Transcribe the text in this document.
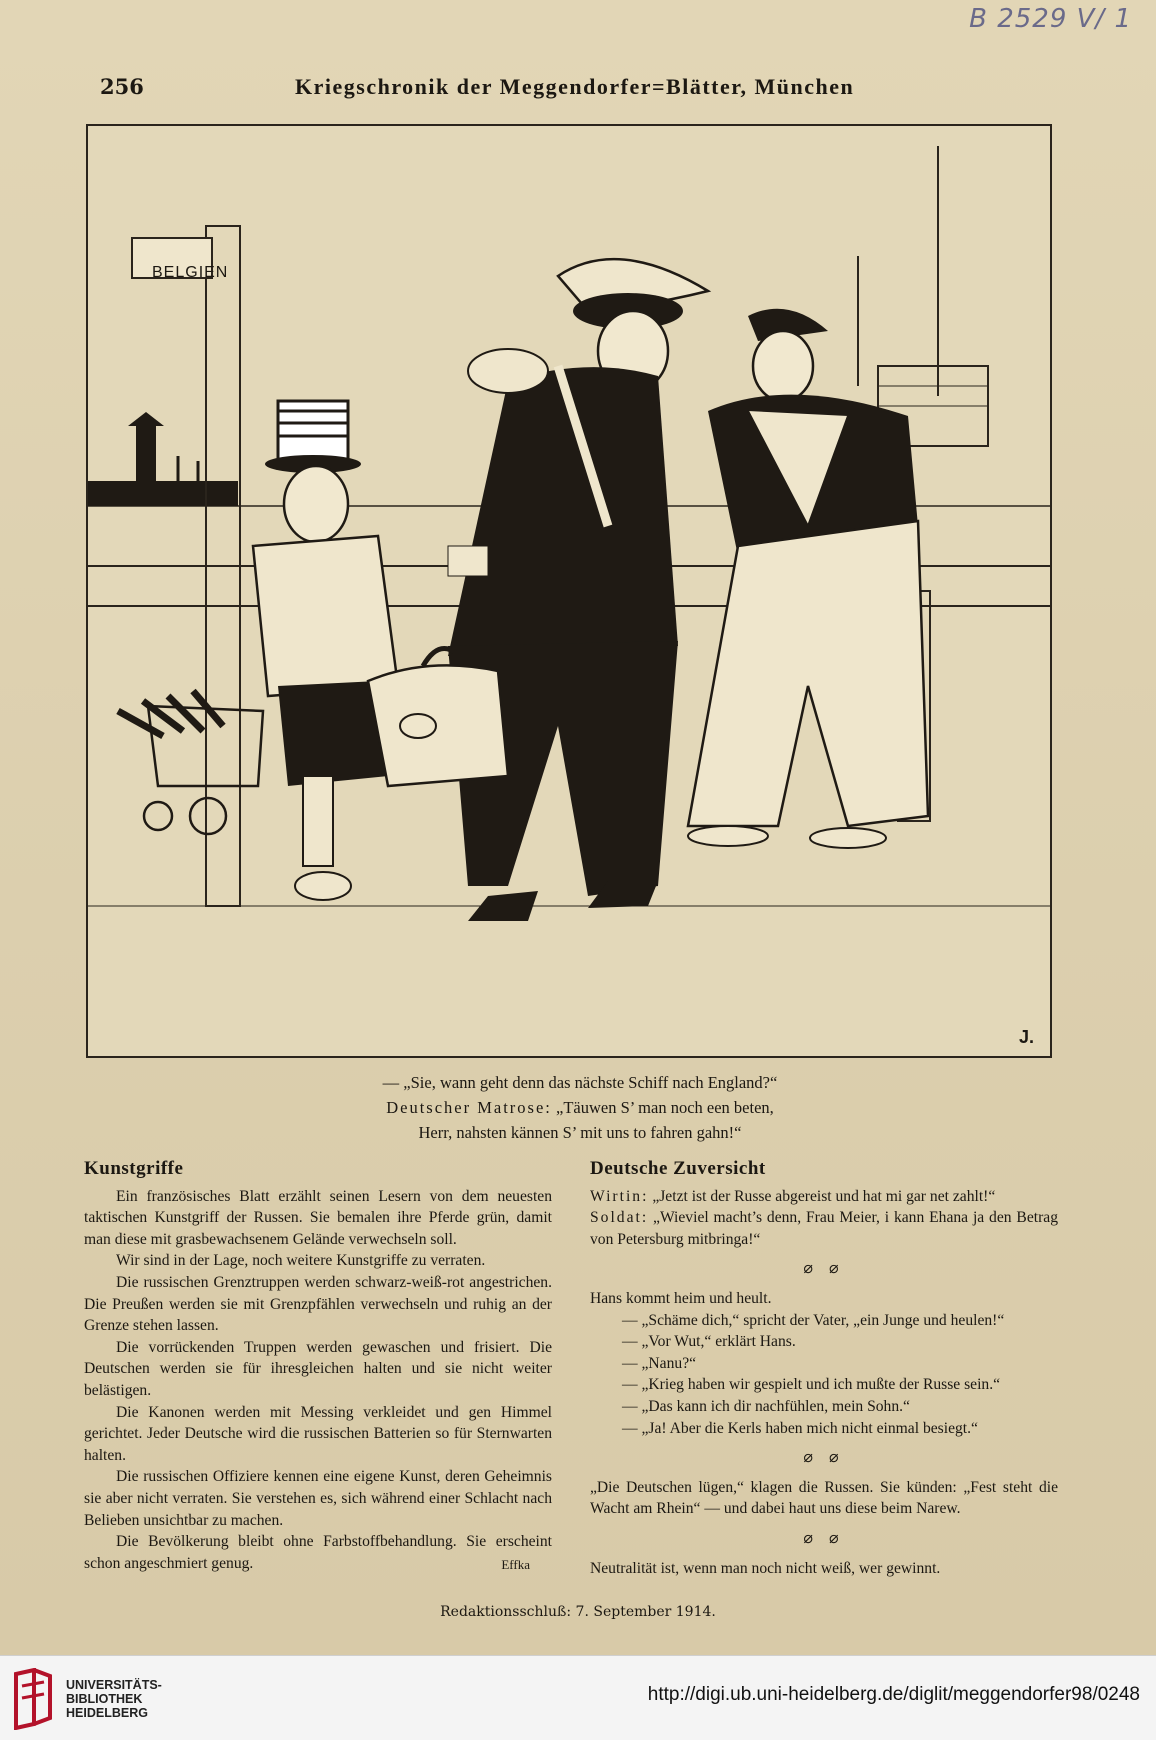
B 2529 Ⅴ/ 1
256	Kriegschronik der Meggendorfer=Blätter, München
BELGIEN
J.
— „Sie, wann geht denn das nächste Schiff nach England?“
Deutscher Matrose: „Täuwen S’ man noch een beten,
Herr, nahsten kännen S’ mit uns to fahren gahn!“
Kunstgriffe

Ein französisches Blatt erzählt seinen Lesern von dem neuesten taktischen Kunstgriff der Russen. Sie bemalen ihre Pferde grün, damit man diese mit grasbewachsenem Gelände verwechseln soll.

Wir sind in der Lage, noch weitere Kunstgriffe zu verraten.

Die russischen Grenztruppen werden schwarz-weiß-rot angestrichen. Die Preußen werden sie mit Grenzpfählen verwechseln und ruhig an der Grenze stehen lassen.

Die vorrückenden Truppen werden gewaschen und frisiert. Die Deutschen werden sie für ihresgleichen halten und sie nicht weiter belästigen.

Die Kanonen werden mit Messing verkleidet und gen Himmel gerichtet. Jeder Deutsche wird die russischen Batterien so für Sternwarten halten.

Die russischen Offiziere kennen eine eigene Kunst, deren Geheimnis sie aber nicht verraten. Sie verstehen es, sich während einer Schlacht nach Belieben unsichtbar zu machen.

Die Bevölkerung bleibt ohne Farbstoffbehandlung. Sie erscheint schon angeschmiert genug.	Effka
Deutsche Zuversicht

Wirtin: „Jetzt ist der Russe abgereist und hat mi gar net zahlt!“

Soldat: „Wieviel macht’s denn, Frau Meier, i kann Ehana ja den Betrag von Petersburg mitbringa!“

⌀ ⌀

Hans kommt heim und heult.

— „Schäme dich,“ spricht der Vater, „ein Junge und heulen!“

— „Vor Wut,“ erklärt Hans.

— „Nanu?“

— „Krieg haben wir gespielt und ich mußte der Russe sein.“

— „Das kann ich dir nachfühlen, mein Sohn.“

— „Ja! Aber die Kerls haben mich nicht einmal besiegt.“

⌀ ⌀

„Die Deutschen lügen,“ klagen die Russen. Sie künden: „Fest steht die Wacht am Rhein“ — und dabei haut uns diese beim Narew.

⌀ ⌀

Neutralität ist, wenn man noch nicht weiß, wer gewinnt.

Redaktionsschluß: 7. September 1914.
UNIVERSITÄTS-
BIBLIOTHEK
HEIDELBERG
http://digi.ub.uni-heidelberg.de/diglit/meggendorfer98/0248
